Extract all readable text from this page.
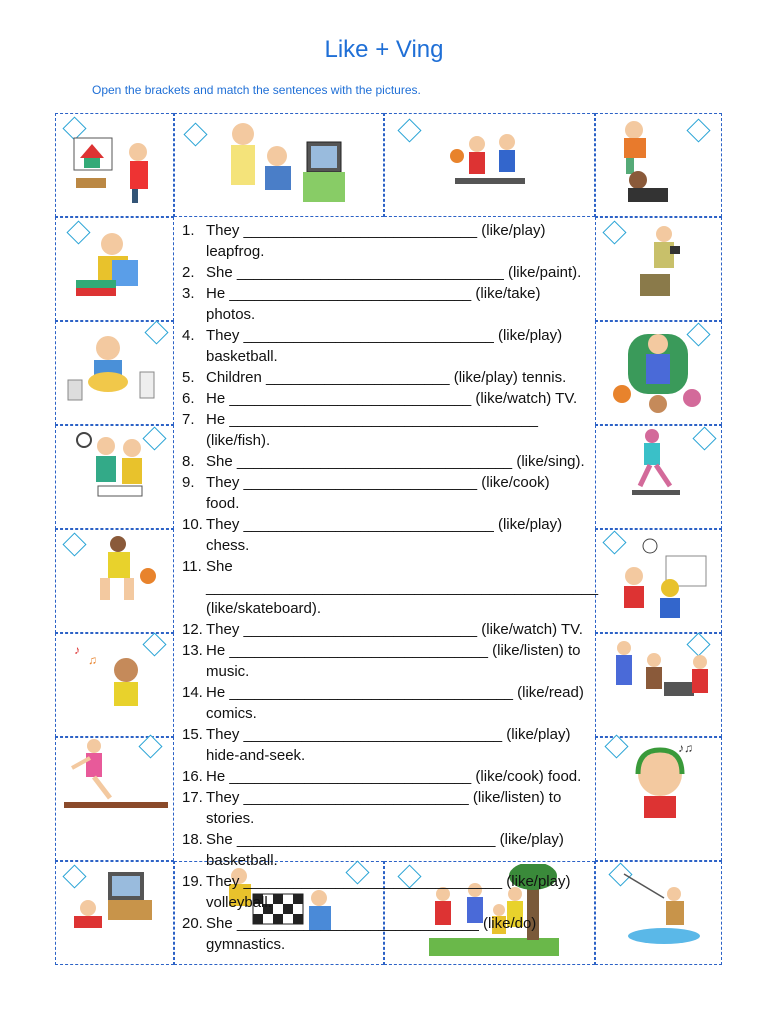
Like + Ving
Open the brackets and match the sentences with the pictures.
♪
♫
♪♫
1. They ____________________________ (like/play) leapfrog.
2. She ________________________________ (like/paint).
3. He _____________________________ (like/take) photos.
4. They ______________________________ (like/play) basketball.
5. Children ______________________ (like/play) tennis.
6. He _____________________________ (like/watch) TV.
7. He _____________________________________ (like/fish).
8. She _________________________________ (like/sing).
9. They ____________________________ (like/cook) food.
10. They ______________________________ (like/play) chess.
11. She _______________________________________________ (like/skateboard).
12. They ____________________________ (like/watch) TV.
13. He _______________________________ (like/listen) to music.
14. He __________________________________ (like/read) comics.
15. They _______________________________ (like/play) hide-and-seek.
16. He _____________________________ (like/cook) food.
17. They ___________________________ (like/listen) to stories.
18. She _______________________________ (like/play) basketball.
19. They _______________________________ (like/play) volleyball.
20. She _____________________________ (like/do) gymnastics.
